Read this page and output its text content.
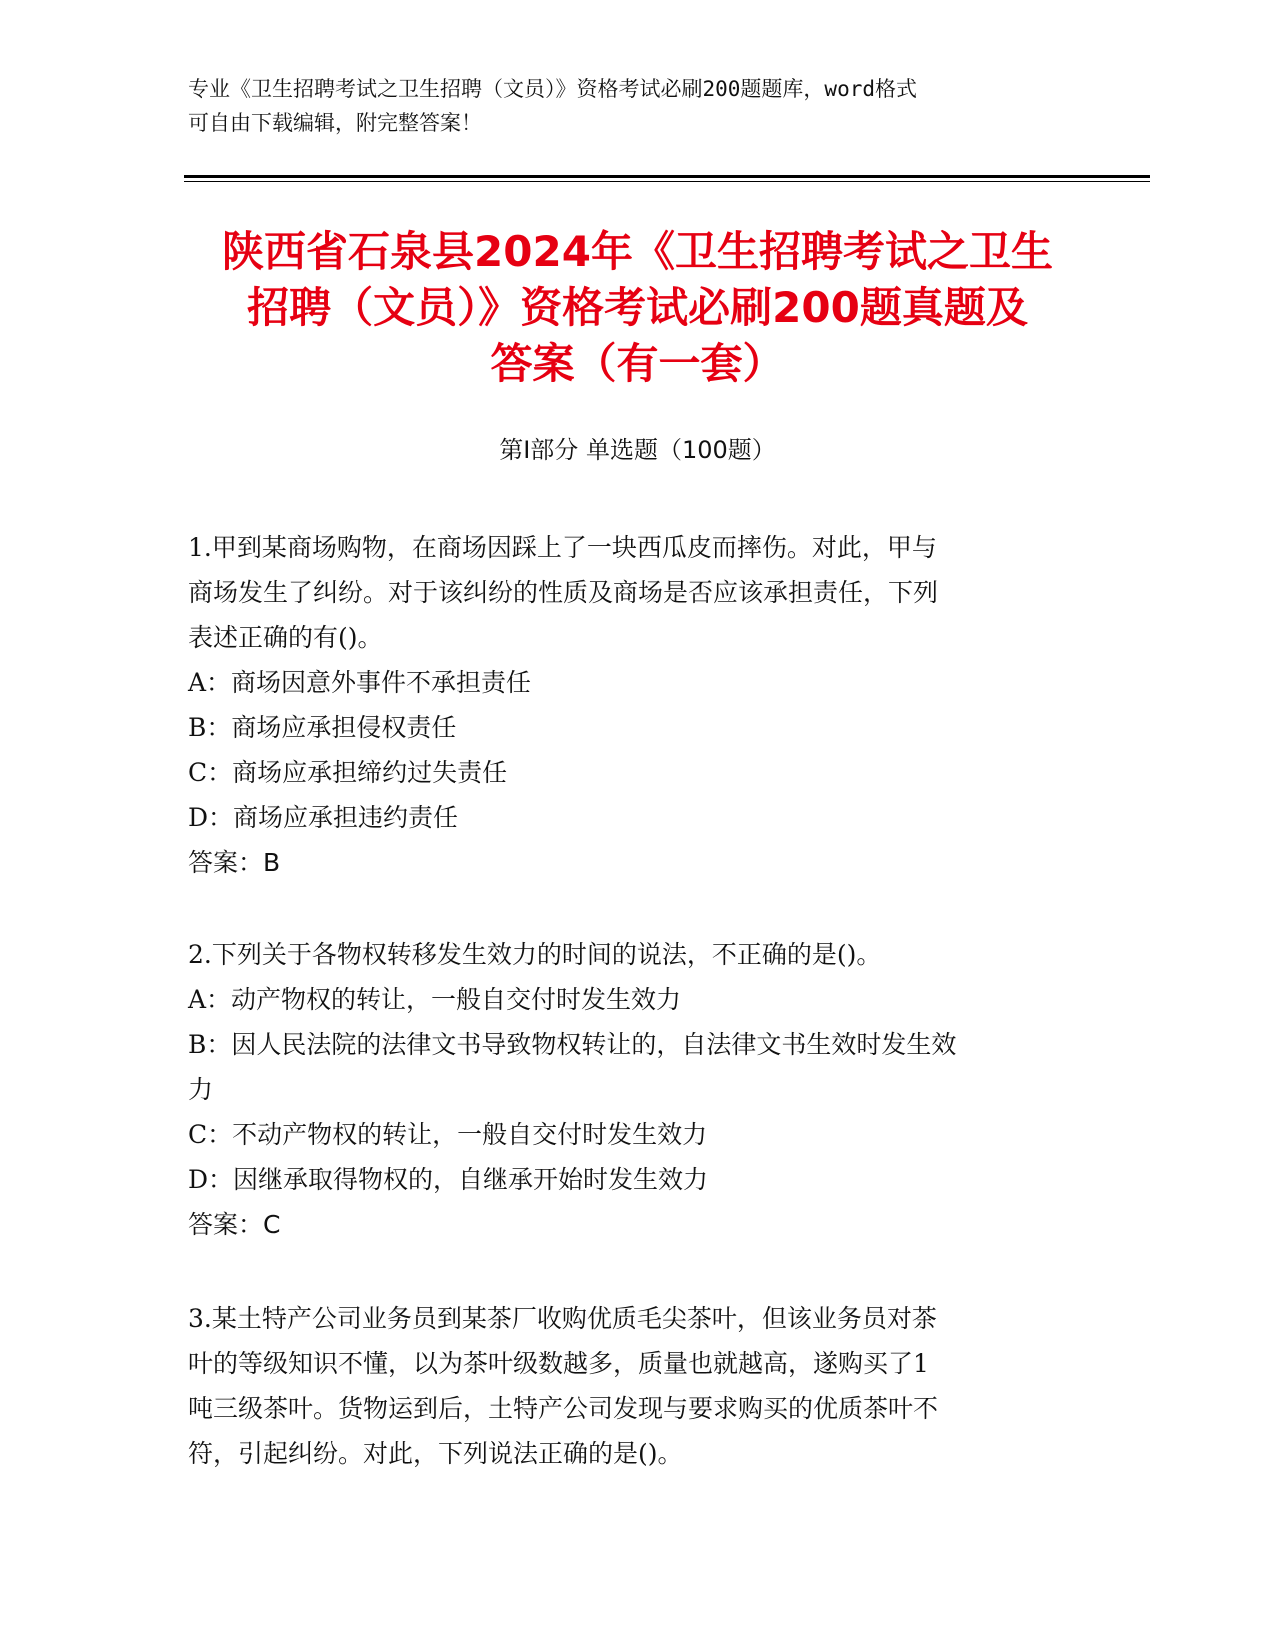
专业《卫生招聘考试之卫生招聘（文员）》资格考试必刷200题题库，word格式
可自由下载编辑，附完整答案！
陕西省石泉县2024年《卫生招聘考试之卫生
招聘（文员）》资格考试必刷200题真题及
答案（有一套）
第Ⅰ部分 单选题（100题）
1.甲到某商场购物，在商场因踩上了一块西瓜皮而摔伤。对此，甲与
商场发生了纠纷。对于该纠纷的性质及商场是否应该承担责任，下列
表述正确的有()。
A：商场因意外事件不承担责任
B：商场应承担侵权责任
C：商场应承担缔约过失责任
D：商场应承担违约责任
答案：B
2.下列关于各物权转移发生效力的时间的说法，不正确的是()。
A：动产物权的转让，一般自交付时发生效力
B：因人民法院的法律文书导致物权转让的，自法律文书生效时发生效
力
C：不动产物权的转让，一般自交付时发生效力
D：因继承取得物权的，自继承开始时发生效力
答案：C
3.某土特产公司业务员到某茶厂收购优质毛尖茶叶，但该业务员对茶
叶的等级知识不懂，以为茶叶级数越多，质量也就越高，遂购买了1
吨三级茶叶。货物运到后，土特产公司发现与要求购买的优质茶叶不
符，引起纠纷。对此，下列说法正确的是()。
